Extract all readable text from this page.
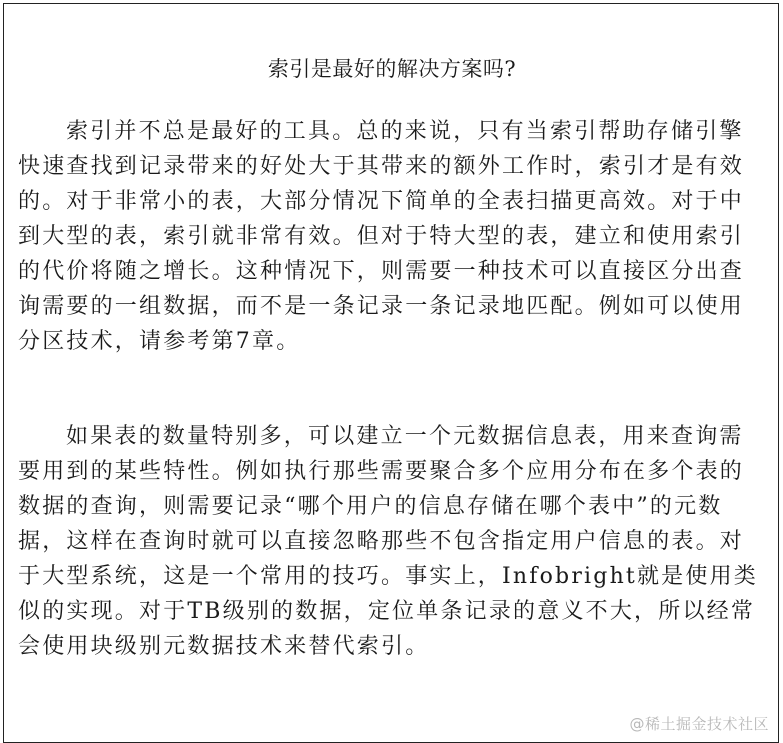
索引是最好的解决方案吗?
索引并不总是最好的工具。总的来说，只有当索引帮助存储引擎
快速查找到记录带来的好处大于其带来的额外工作时，索引才是有效
的。对于非常小的表，大部分情况下简单的全表扫描更高效。对于中
到大型的表，索引就非常有效。但对于特大型的表，建立和使用索引
的代价将随之增长。这种情况下，则需要一种技术可以直接区分出查
询需要的一组数据，而不是一条记录一条记录地匹配。例如可以使用
分区技术，请参考第7章。
如果表的数量特别多，可以建立一个元数据信息表，用来查询需
要用到的某些特性。例如执行那些需要聚合多个应用分布在多个表的
数据的查询，则需要记录“哪个用户的信息存储在哪个表中”的元数
据，这样在查询时就可以直接忽略那些不包含指定用户信息的表。对
于大型系统，这是一个常用的技巧。事实上，Infobright就是使用类
似的实现。对于TB级别的数据，定位单条记录的意义不大，所以经常
会使用块级别元数据技术来替代索引。
@稀土掘金技术社区
